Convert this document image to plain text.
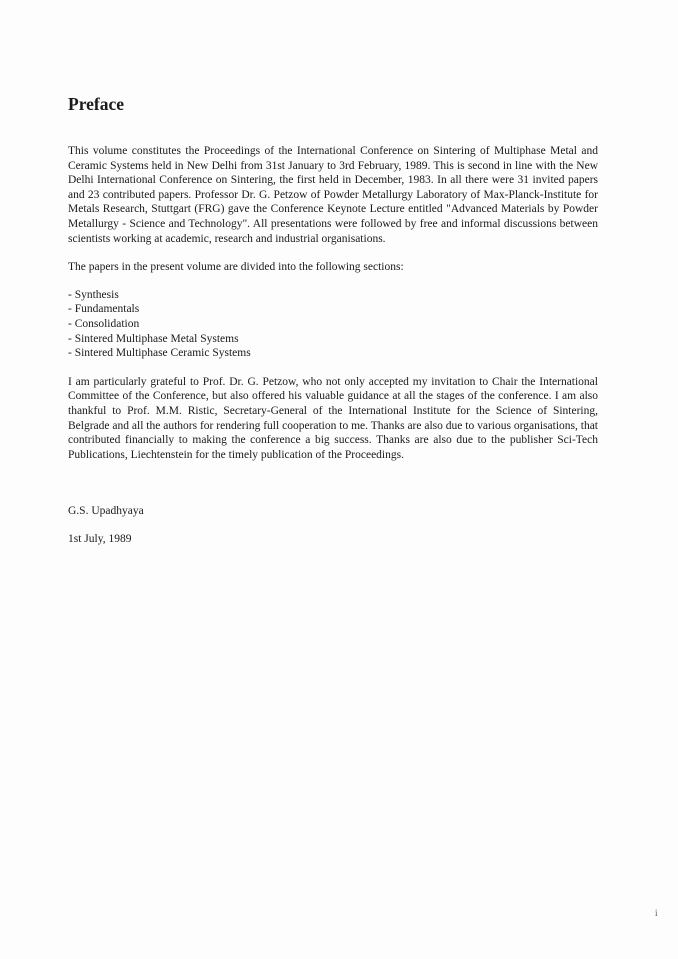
Preface

This volume constitutes the Proceedings of the International Conference on Sintering of Multiphase Metal and Ceramic Systems held in New Delhi from 31st January to 3rd February, 1989. This is second in line with the New Delhi International Conference on Sintering, the first held in December, 1983. In all there were 31 invited papers and 23 contributed papers. Professor Dr. G. Petzow of Powder Metallurgy Laboratory of Max-Planck-Institute for Metals Research, Stuttgart (FRG) gave the Conference Keynote Lecture entitled "Advanced Materials by Powder Metallurgy - Science and Technology". All presentations were followed by free and informal discussions between scientists working at academic, research and industrial organisations.

The papers in the present volume are divided into the following sections:

- Synthesis
- Fundamentals
- Consolidation
- Sintered Multiphase Metal Systems
- Sintered Multiphase Ceramic Systems

I am particularly grateful to Prof. Dr. G. Petzow, who not only accepted my invitation to Chair the International Committee of the Conference, but also offered his valuable guidance at all the stages of the conference. I am also thankful to Prof. M.M. Ristic, Secretary-General of the International Institute for the Science of Sintering, Belgrade and all the authors for rendering full cooperation to me. Thanks are also due to various organisations, that contributed financially to making the conference a big success. Thanks are also due to the publisher Sci-Tech Publications, Liechtenstein for the timely publication of the Proceedings.

G.S. Upadhyaya

1st July, 1989

i
